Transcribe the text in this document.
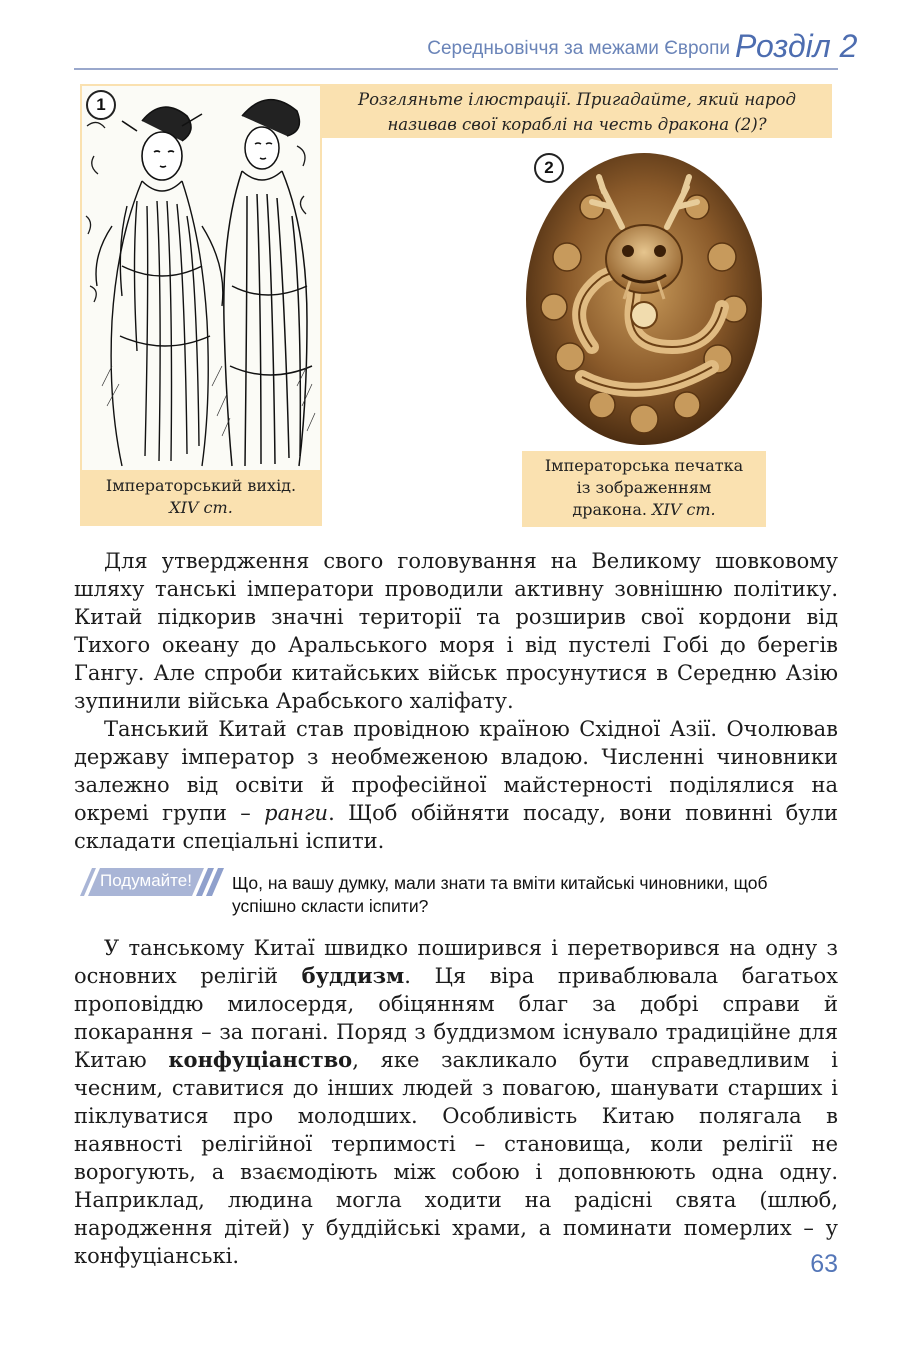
Середньовіччя за межами Європи Розділ 2
1
Імператорський вихід.
XIV ст.
Розгляньте ілюстрації. Пригадайте, який народ
називав свої кораблі на честь дракона (2)?
2
Імператорська печатка
із зображенням
дракона. XIV ст.
Для утвердження свого головування на Великому шовковому шляху танські імператори проводили активну зовнішню політику. Китай підкорив значні території та розширив свої кордони від Тихого океану до Аральського моря і від пустелі Гобі до берегів Гангу. Але спроби китайських військ просунутися в Середню Азію зупинили війська Арабського халіфату.
Танський Китай став провідною країною Східної Азії. Очолював державу імператор з необмеженою владою. Численні чиновники залежно від освіти й професійної майстерності поділялися на окремі групи – ранги. Щоб обійняти посаду, вони повинні були складати спеціальні іспити.
Подумайте! Що, на вашу думку, мали знати та вміти китайські чиновники, щоб
успішно скласти іспити?
У танському Китаї швидко поширився і перетворився на одну з основних релігій буддизм. Ця віра приваблювала багатьох проповіддю милосердя, обіцянням благ за добрі справи й покарання – за погані. Поряд з буддизмом існувало традиційне для Китаю конфуціанство, яке закликало бути справедливим і чесним, ставитися до інших людей з повагою, шанувати старших і піклуватися про молодших. Особливість Китаю полягала в наявності релігійної терпимості – становища, коли релігії не ворогують, а взаємодіють між собою і доповнюють одна одну. Наприклад, людина могла ходити на радісні свята (шлюб, народження дітей) у буддійські храми, а поминати померлих – у конфуціанські.	63
